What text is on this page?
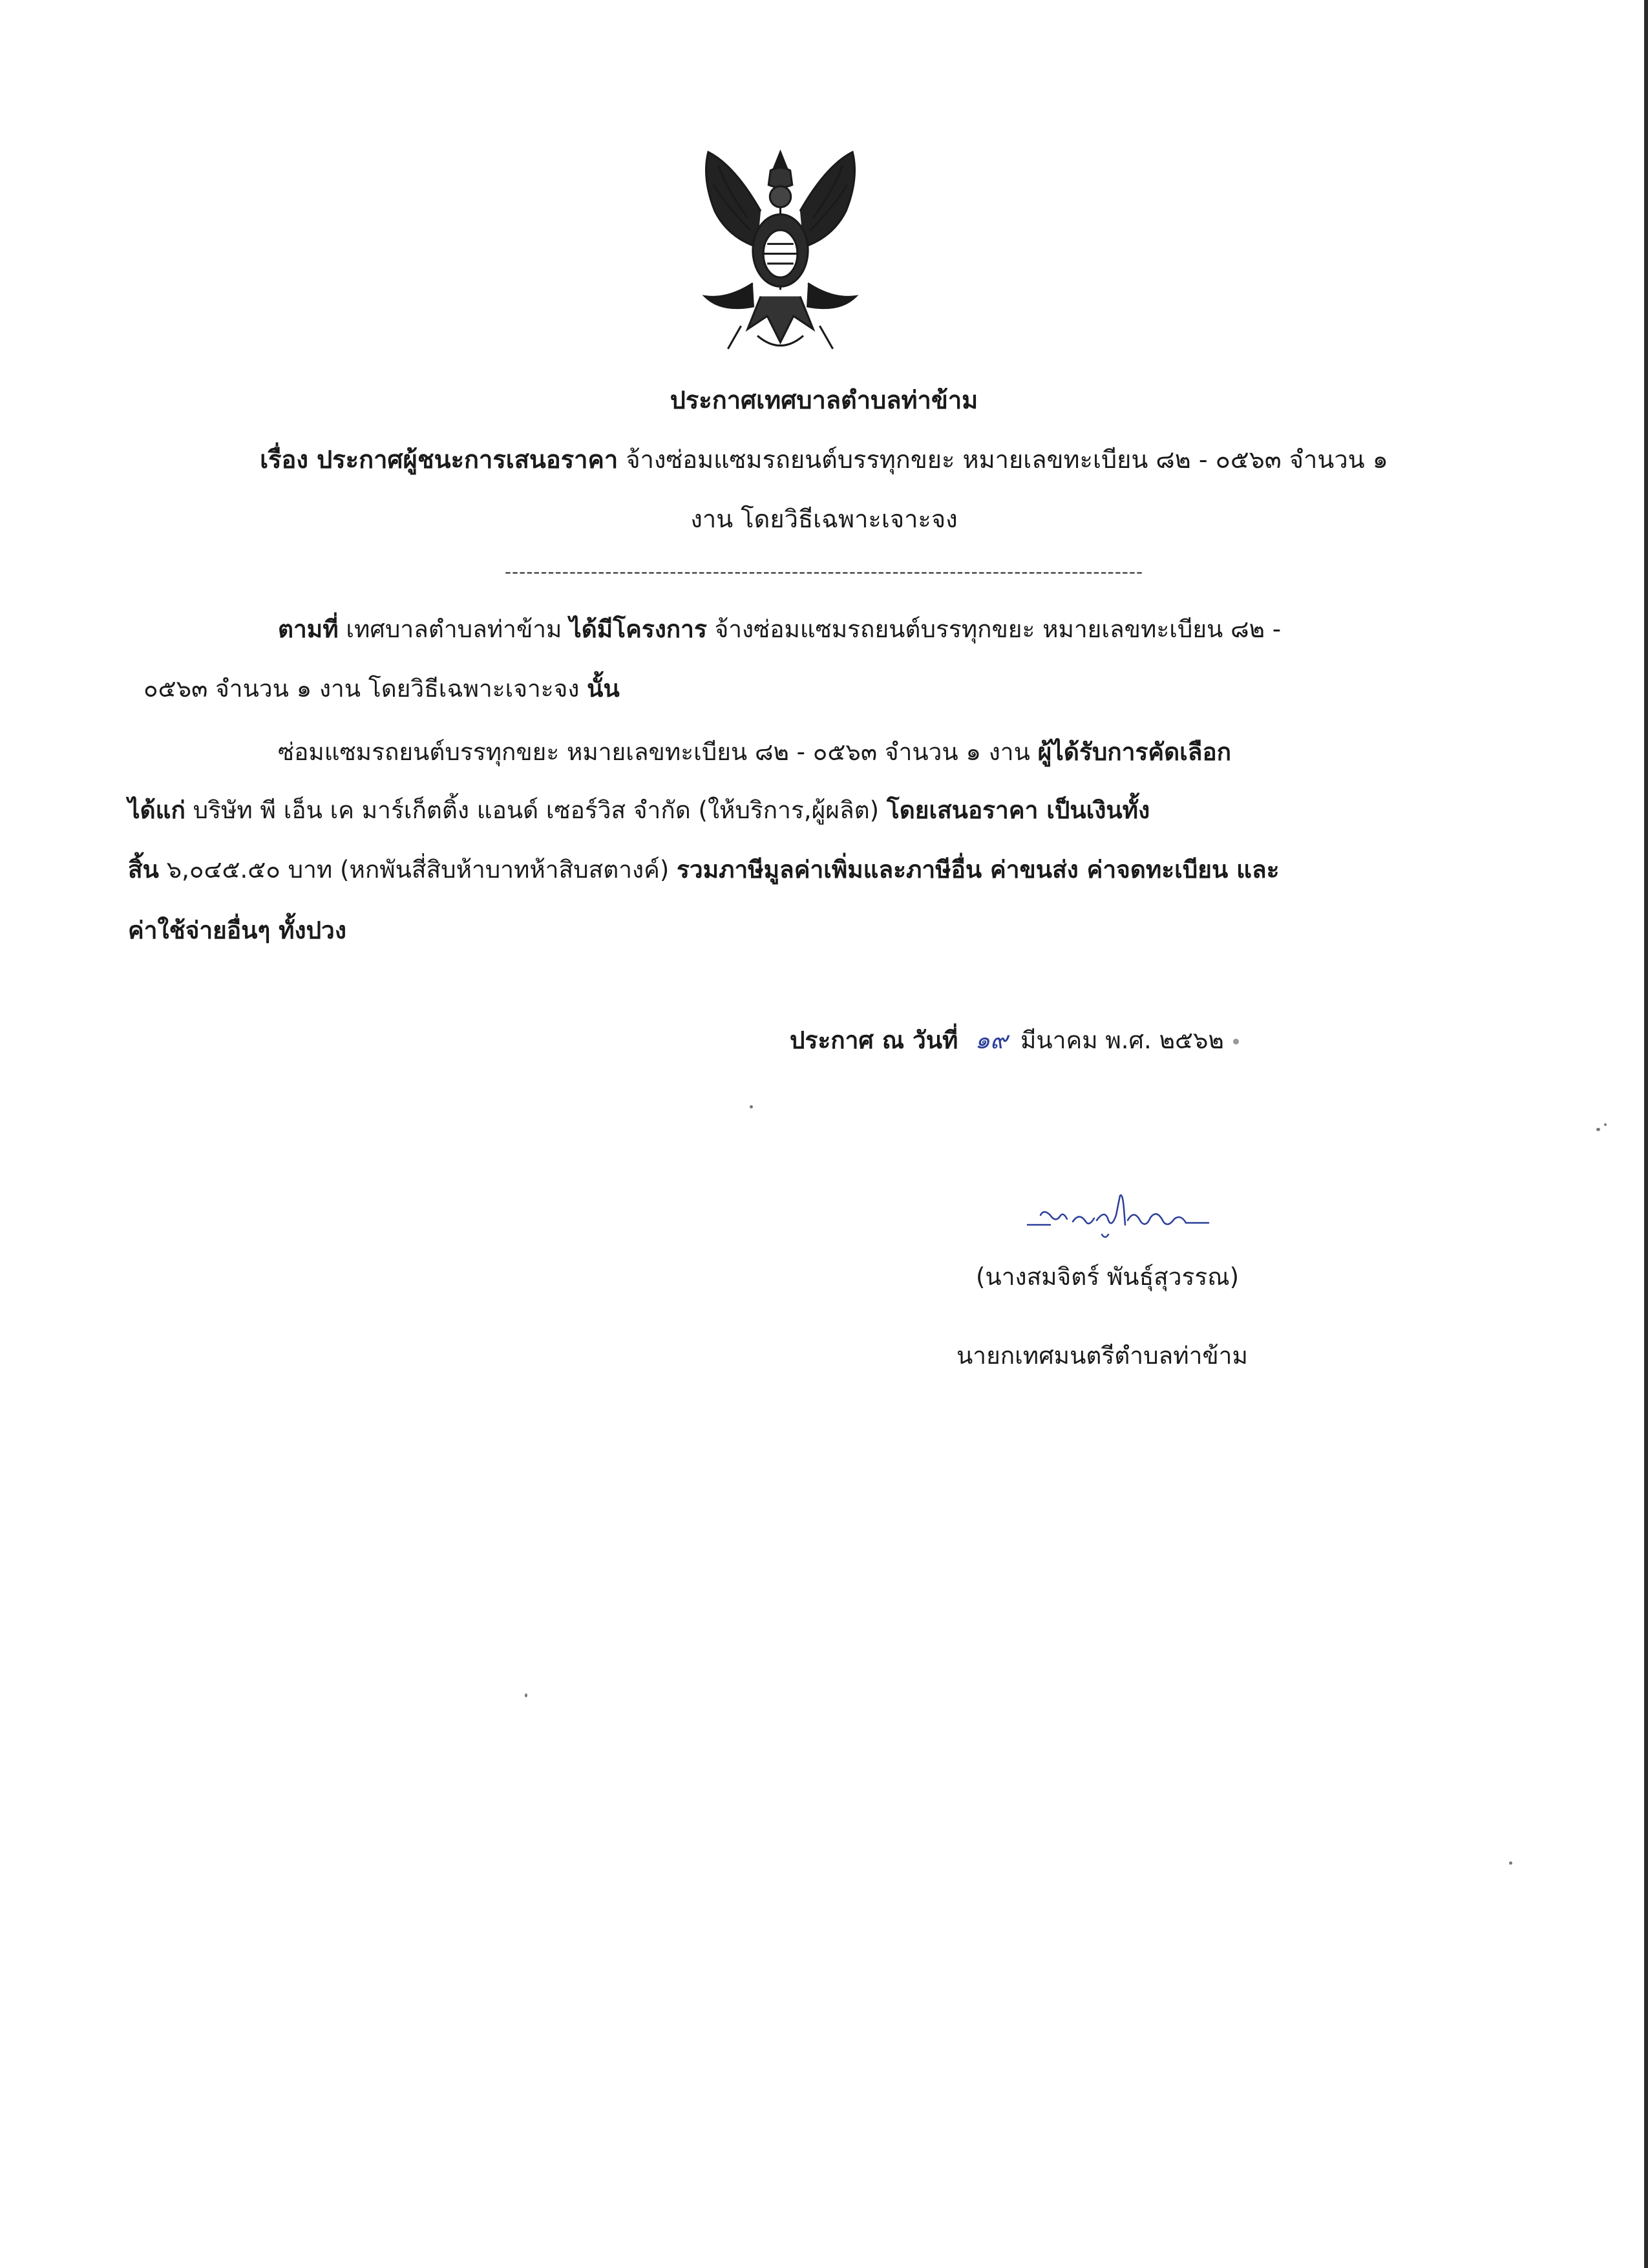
ประกาศเทศบาลตำบลท่าข้าม
เรื่อง ประกาศผู้ชนะการเสนอราคา จ้างซ่อมแซมรถยนต์บรรทุกขยะ หมายเลขทะเบียน ๘๒ - ๐๕๖๓ จำนวน ๑
งาน โดยวิธีเฉพาะเจาะจง
-----------------------------------------------------------------------------------------
ตามที่ เทศบาลตำบลท่าข้าม ได้มีโครงการ จ้างซ่อมแซมรถยนต์บรรทุกขยะ หมายเลขทะเบียน ๘๒ -
๐๕๖๓ จำนวน ๑ งาน โดยวิธีเฉพาะเจาะจง นั้น
ซ่อมแซมรถยนต์บรรทุกขยะ หมายเลขทะเบียน ๘๒ - ๐๕๖๓ จำนวน ๑ งาน ผู้ได้รับการคัดเลือก
ได้แก่ บริษัท พี เอ็น เค มาร์เก็ตติ้ง แอนด์ เซอร์วิส จำกัด (ให้บริการ,ผู้ผลิต) โดยเสนอราคา เป็นเงินทั้ง
สิ้น ๖,๐๔๕.๕๐ บาท (หกพันสี่สิบห้าบาทห้าสิบสตางค์) รวมภาษีมูลค่าเพิ่มและภาษีอื่น ค่าขนส่ง ค่าจดทะเบียน และ
ค่าใช้จ่ายอื่นๆ ทั้งปวง
ประกาศ ณ วันที่ ๑๙ มีนาคม พ.ศ. ๒๕๖๒
(นางสมจิตร์ พันธุ์สุวรรณ)
นายกเทศมนตรีตำบลท่าข้าม
